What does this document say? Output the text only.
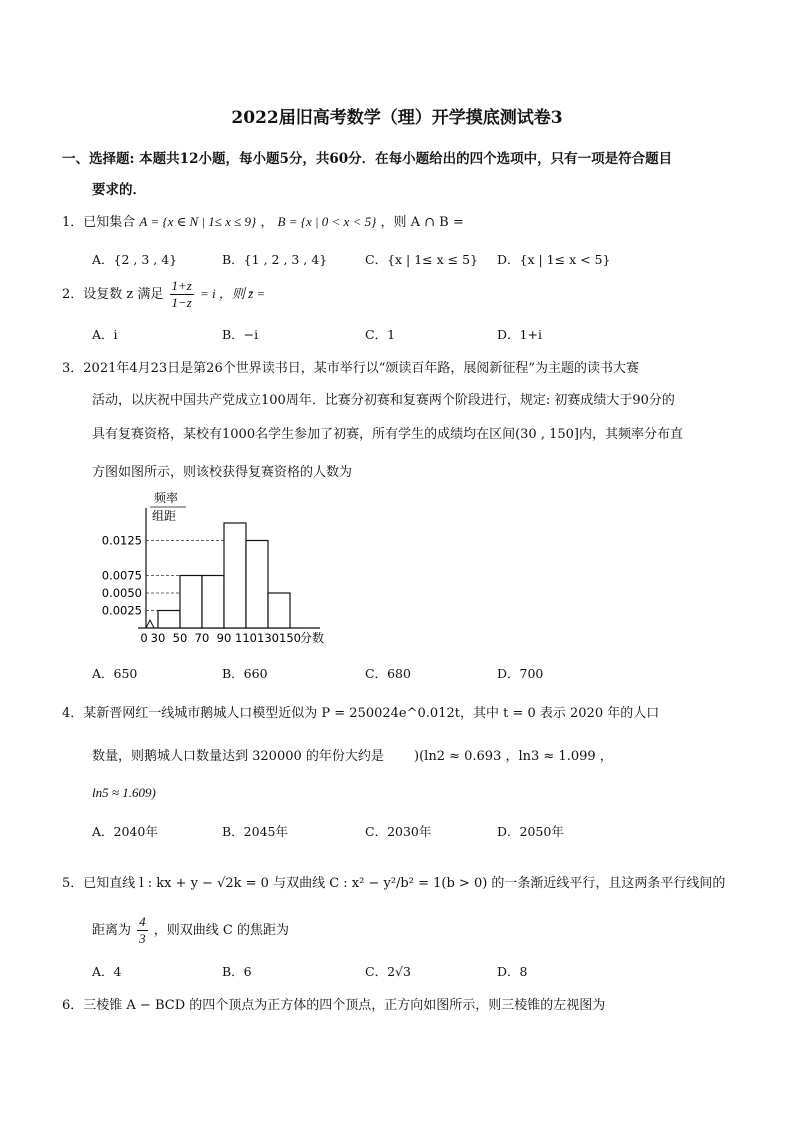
2022届旧高考数学（理）开学摸底测试卷3
一、选择题: 本题共12小题，每小题5分，共60分．在每小题给出的四个选项中，只有一项是符合题目
要求的．
1．已知集合 A = {x ∈ N | 1≤ x ≤ 9} ， B = {x | 0 < x < 5} ，则 A ∩ B =
A．{2 , 3 , 4}	B．{1 , 2 , 3 , 4}	C．{x | 1≤ x ≤ 5} D．{x | 1≤ x < 5}
2．设复数 z 满足 $\frac{1+z}{1-z} = i$ ，则 z̄ =
A．i	B．−i	C．1	D．1+i
3．2021年4月23日是第26个世界读书日，某市举行以“颂读百年路，展阅新征程”为主题的读书大赛
活动，以庆祝中国共产党成立100周年．比赛分初赛和复赛两个阶段进行，规定: 初赛成绩大于90分的
具有复赛资格，某校有1000名学生参加了初赛，所有学生的成绩均在区间(30 , 150]内，其频率分布直
方图如图所示，则该校获得复赛资格的人数为
频率
组距
0.0125
0.0075
0.0050
0.0025
0 30 50 70 90 110 130 150 分数
A．650	B．660	C．680	D．700
4．某新晋网红一线城市鹅城人口模型近似为 P = 250024e^0.012t，其中 t = 0 表示 2020 年的人口
数量，则鹅城人口数量达到 320000 的年份大约是　　 )(ln2 ≈ 0.693 ，ln3 ≈ 1.099 ，
ln5 ≈ 1.609)
A．2040年	B．2045年	C．2030年	D．2050年
5．已知直线 l : kx + y − √2k = 0 与双曲线 C : x² − y²/b² = 1(b > 0) 的一条渐近线平行，且这两条平行线间的
距离为 $\frac{4}{3}$ ，则双曲线 C 的焦距为
A．4	B．6	C．2√3	D．8
6．三棱锥 A − BCD 的四个顶点为正方体的四个顶点，正方向如图所示，则三棱锥的左视图为
